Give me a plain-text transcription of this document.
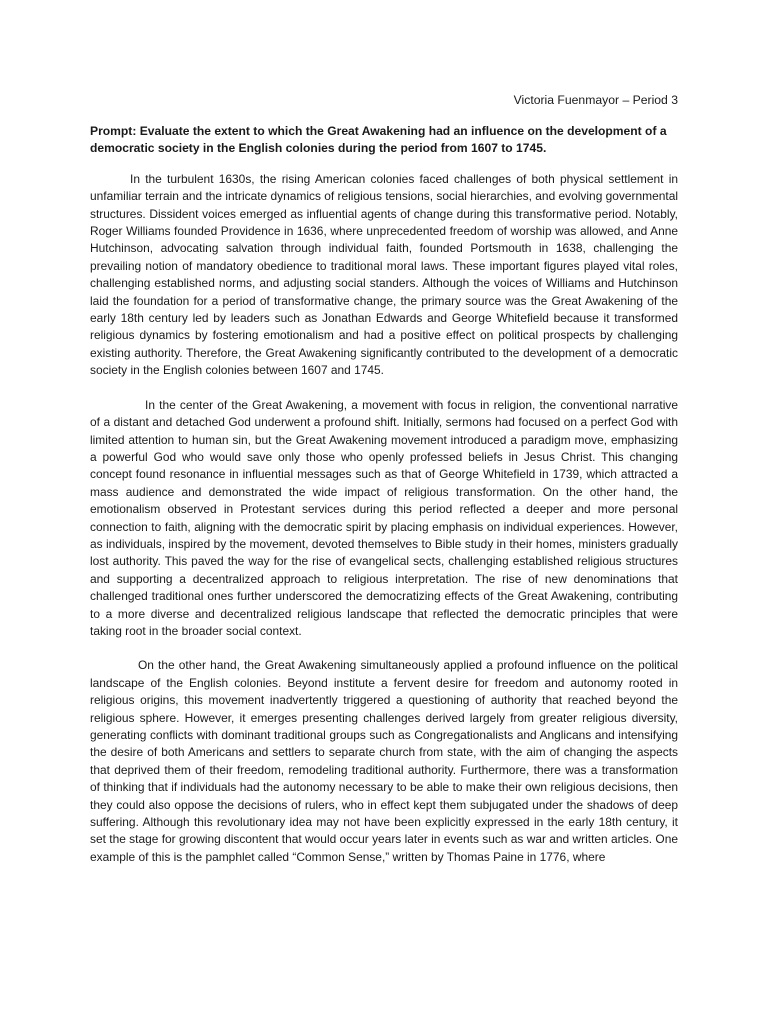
Victoria Fuenmayor – Period 3

Prompt: Evaluate the extent to which the Great Awakening had an influence on the development of a democratic society in the English colonies during the period from 1607 to 1745.

In the turbulent 1630s, the rising American colonies faced challenges of both physical settlement in unfamiliar terrain and the intricate dynamics of religious tensions, social hierarchies, and evolving governmental structures. Dissident voices emerged as influential agents of change during this transformative period. Notably, Roger Williams founded Providence in 1636, where unprecedented freedom of worship was allowed, and Anne Hutchinson, advocating salvation through individual faith, founded Portsmouth in 1638, challenging the prevailing notion of mandatory obedience to traditional moral laws. These important figures played vital roles, challenging established norms, and adjusting social standers. Although the voices of Williams and Hutchinson laid the foundation for a period of transformative change, the primary source was the Great Awakening of the early 18th century led by leaders such as Jonathan Edwards and George Whitefield because it transformed religious dynamics by fostering emotionalism and had a positive effect on political prospects by challenging existing authority. Therefore, the Great Awakening significantly contributed to the development of a democratic society in the English colonies between 1607 and 1745.

In the center of the Great Awakening, a movement with focus in religion, the conventional narrative of a distant and detached God underwent a profound shift. Initially, sermons had focused on a perfect God with limited attention to human sin, but the Great Awakening movement introduced a paradigm move, emphasizing a powerful God who would save only those who openly professed beliefs in Jesus Christ. This changing concept found resonance in influential messages such as that of George Whitefield in 1739, which attracted a mass audience and demonstrated the wide impact of religious transformation. On the other hand, the emotionalism observed in Protestant services during this period reflected a deeper and more personal connection to faith, aligning with the democratic spirit by placing emphasis on individual experiences. However, as individuals, inspired by the movement, devoted themselves to Bible study in their homes, ministers gradually lost authority. This paved the way for the rise of evangelical sects, challenging established religious structures and supporting a decentralized approach to religious interpretation. The rise of new denominations that challenged traditional ones further underscored the democratizing effects of the Great Awakening, contributing to a more diverse and decentralized religious landscape that reflected the democratic principles that were taking root in the broader social context.

On the other hand, the Great Awakening simultaneously applied a profound influence on the political landscape of the English colonies. Beyond institute a fervent desire for freedom and autonomy rooted in religious origins, this movement inadvertently triggered a questioning of authority that reached beyond the religious sphere. However, it emerges presenting challenges derived largely from greater religious diversity, generating conflicts with dominant traditional groups such as Congregationalists and Anglicans and intensifying the desire of both Americans and settlers to separate church from state, with the aim of changing the aspects that deprived them of their freedom, remodeling traditional authority. Furthermore, there was a transformation of thinking that if individuals had the autonomy necessary to be able to make their own religious decisions, then they could also oppose the decisions of rulers, who in effect kept them subjugated under the shadows of deep suffering. Although this revolutionary idea may not have been explicitly expressed in the early 18th century, it set the stage for growing discontent that would occur years later in events such as war and written articles. One example of this is the pamphlet called “Common Sense,” written by Thomas Paine in 1776, where
